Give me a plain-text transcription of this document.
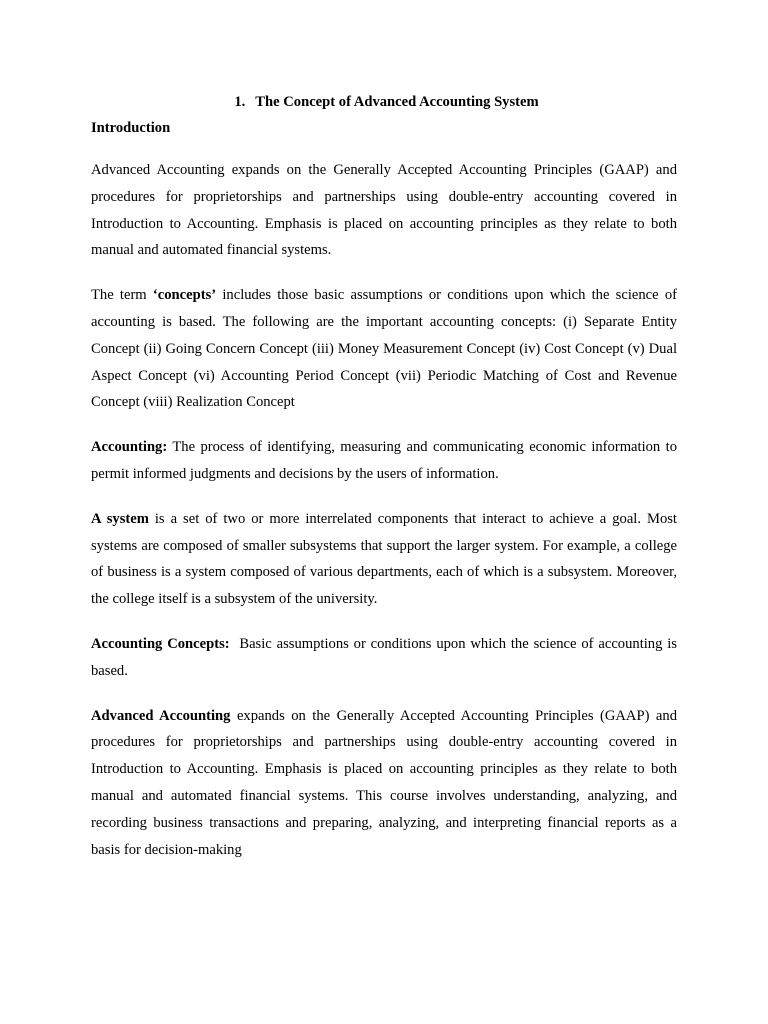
1. The Concept of Advanced Accounting System
Introduction

Advanced Accounting expands on the Generally Accepted Accounting Principles (GAAP) and procedures for proprietorships and partnerships using double-entry accounting covered in Introduction to Accounting. Emphasis is placed on accounting principles as they relate to both manual and automated financial systems.

The term ‘concepts’ includes those basic assumptions or conditions upon which the science of accounting is based. The following are the important accounting concepts: (i) Separate Entity Concept (ii) Going Concern Concept (iii) Money Measurement Concept (iv) Cost Concept (v) Dual Aspect Concept (vi) Accounting Period Concept (vii) Periodic Matching of Cost and Revenue Concept (viii) Realization Concept

Accounting: The process of identifying, measuring and communicating economic information to permit informed judgments and decisions by the users of information.

A system is a set of two or more interrelated components that interact to achieve a goal. Most systems are composed of smaller subsystems that support the larger system. For example, a college of business is a system composed of various departments, each of which is a subsystem. Moreover, the college itself is a subsystem of the university.

Accounting Concepts:  Basic assumptions or conditions upon which the science of accounting is based.

Advanced Accounting expands on the Generally Accepted Accounting Principles (GAAP) and procedures for proprietorships and partnerships using double-entry accounting covered in Introduction to Accounting. Emphasis is placed on accounting principles as they relate to both manual and automated financial systems. This course involves understanding, analyzing, and recording business transactions and preparing, analyzing, and interpreting financial reports as a basis for decision-making
